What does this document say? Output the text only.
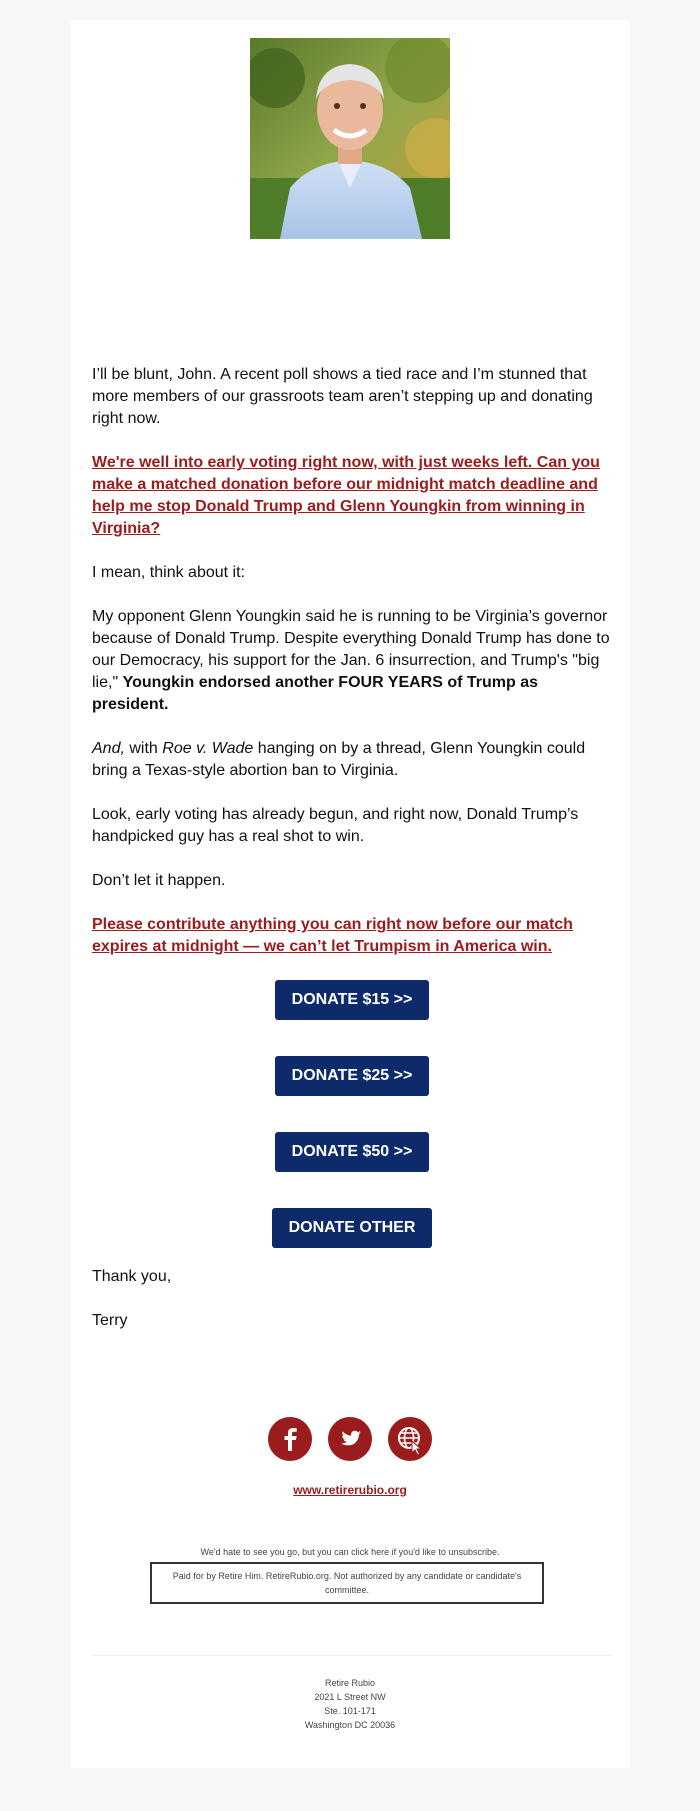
I’ll be blunt, John. A recent poll shows a tied race and I’m stunned that more members of our grassroots team aren’t stepping up and donating right now.

We're well into early voting right now, with just weeks left. Can you make a matched donation before our midnight match deadline and help me stop Donald Trump and Glenn Youngkin from winning in Virginia?

I mean, think about it:

My opponent Glenn Youngkin said he is running to be Virginia’s governor because of Donald Trump. Despite everything Donald Trump has done to our Democracy, his support for the Jan. 6 insurrection, and Trump's "big lie," Youngkin endorsed another FOUR YEARS of Trump as president.

And, with Roe v. Wade hanging on by a thread, Glenn Youngkin could bring a Texas-style abortion ban to Virginia.

Look, early voting has already begun, and right now, Donald Trump’s handpicked guy has a real shot to win.

Don’t let it happen.

Please contribute anything you can right now before our match expires at midnight — we can’t let Trumpism in America win.

DONATE $15 >>
DONATE $25 >>
DONATE $50 >>
DONATE OTHER

Thank you,

Terry

www.retirerubio.org
We'd hate to see you go, but you can click here if you'd like to unsubscribe.
Paid for by Retire Him. RetireRubio.org. Not authorized by any candidate or candidate's committee.
Retire Rubio
2021 L Street NW
Ste. 101-171
Washington DC 20036
